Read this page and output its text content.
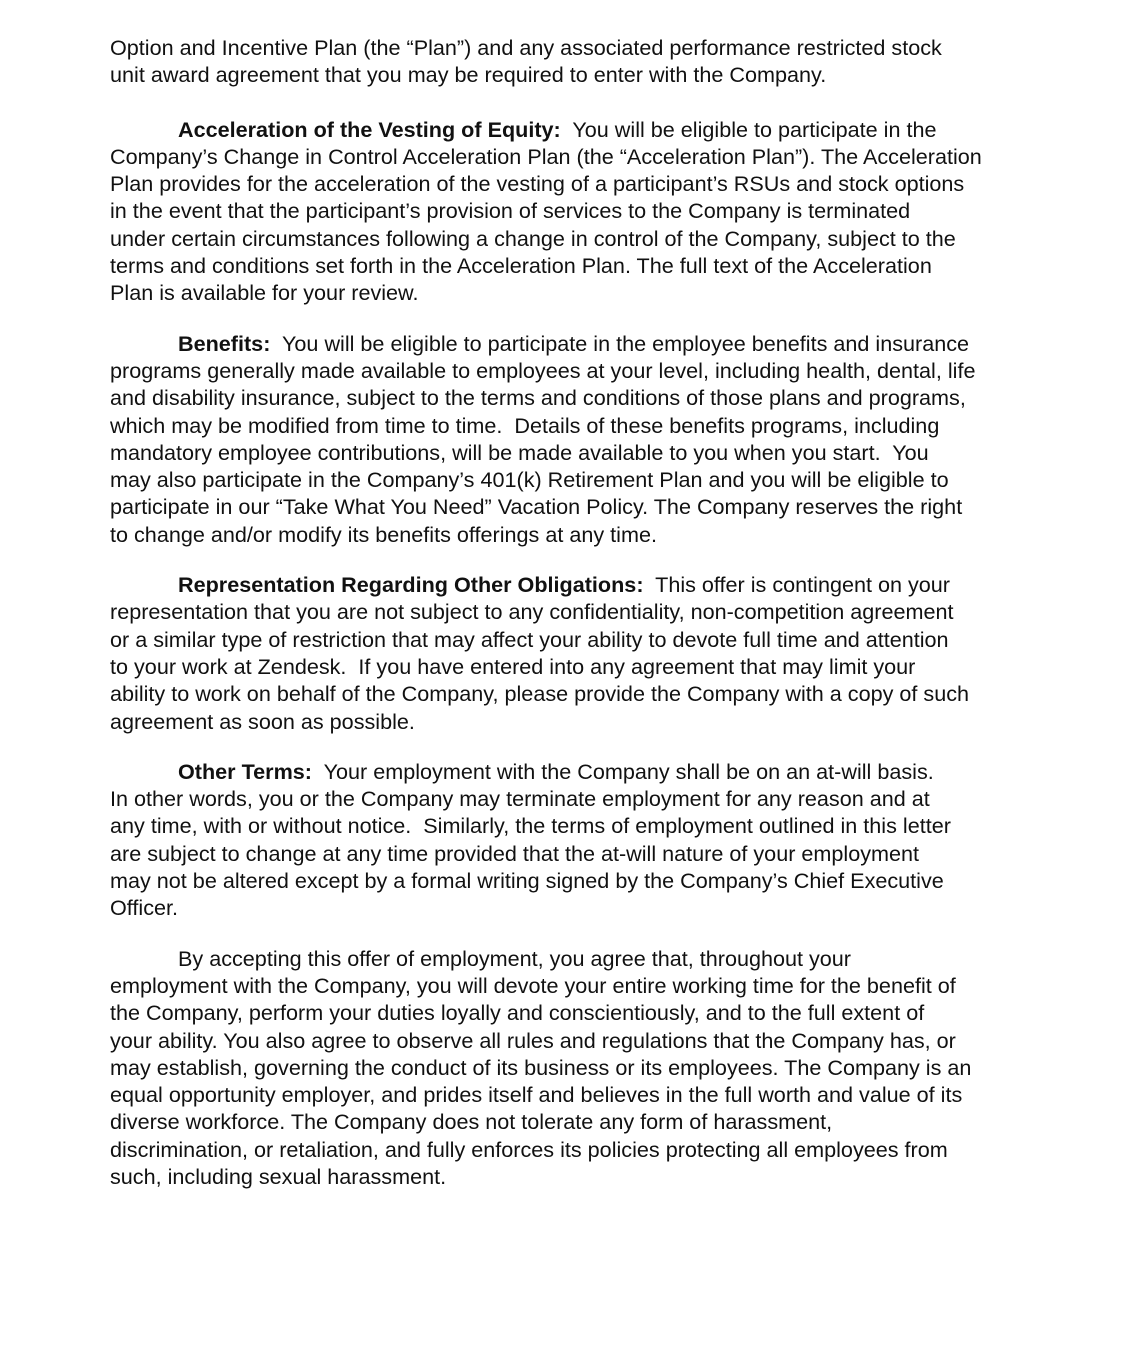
Option and Incentive Plan (the “Plan”) and any associated performance restricted stock
unit award agreement that you may be required to enter with the Company.
Acceleration of the Vesting of Equity:  You will be eligible to participate in the
Company’s Change in Control Acceleration Plan (the “Acceleration Plan”). The Acceleration
Plan provides for the acceleration of the vesting of a participant’s RSUs and stock options
in the event that the participant’s provision of services to the Company is terminated
under certain circumstances following a change in control of the Company, subject to the
terms and conditions set forth in the Acceleration Plan. The full text of the Acceleration
Plan is available for your review.
Benefits:  You will be eligible to participate in the employee benefits and insurance
programs generally made available to employees at your level, including health, dental, life
and disability insurance, subject to the terms and conditions of those plans and programs,
which may be modified from time to time.  Details of these benefits programs, including
mandatory employee contributions, will be made available to you when you start.  You
may also participate in the Company’s 401(k) Retirement Plan and you will be eligible to
participate in our “Take What You Need” Vacation Policy. The Company reserves the right
to change and/or modify its benefits offerings at any time.
Representation Regarding Other Obligations:  This offer is contingent on your
representation that you are not subject to any confidentiality, non-competition agreement
or a similar type of restriction that may affect your ability to devote full time and attention
to your work at Zendesk.  If you have entered into any agreement that may limit your
ability to work on behalf of the Company, please provide the Company with a copy of such
agreement as soon as possible.
Other Terms:  Your employment with the Company shall be on an at-will basis.
In other words, you or the Company may terminate employment for any reason and at
any time, with or without notice.  Similarly, the terms of employment outlined in this letter
are subject to change at any time provided that the at-will nature of your employment
may not be altered except by a formal writing signed by the Company’s Chief Executive
Officer.
By accepting this offer of employment, you agree that, throughout your
employment with the Company, you will devote your entire working time for the benefit of
the Company, perform your duties loyally and conscientiously, and to the full extent of
your ability. You also agree to observe all rules and regulations that the Company has, or
may establish, governing the conduct of its business or its employees. The Company is an
equal opportunity employer, and prides itself and believes in the full worth and value of its
diverse workforce. The Company does not tolerate any form of harassment,
discrimination, or retaliation, and fully enforces its policies protecting all employees from
such, including sexual harassment.
